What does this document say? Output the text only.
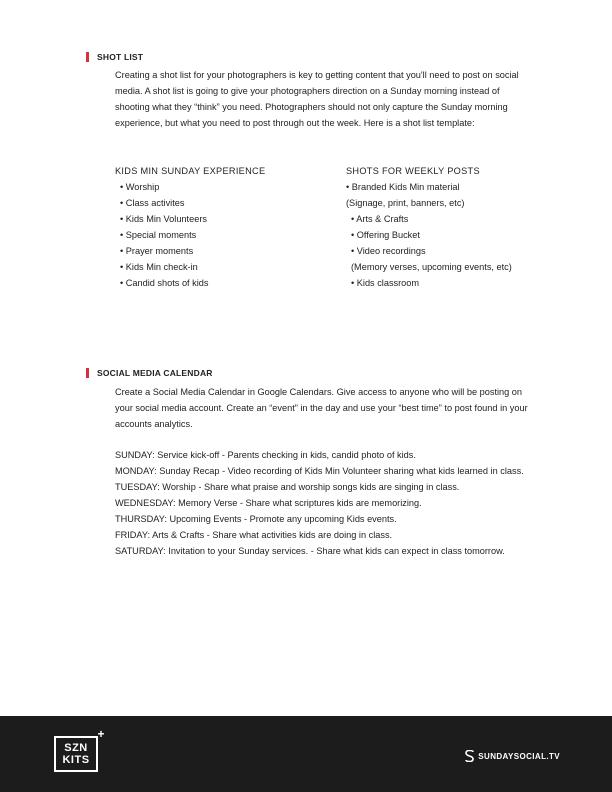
SHOT LIST

Creating a shot list for your photographers is key to getting content that you'll need to post on social media. A shot list is going to give your photographers direction on a Sunday morning instead of shooting what they “think” you need. Photographers should not only capture the Sunday morning experience, but what you need to post through out the week. Here is a shot list template:

KIDS MIN SUNDAY EXPERIENCE
• Worship
• Class activites
• Kids Min Volunteers
• Special moments
• Prayer moments
• Kids Min check-in
• Candid shots of kids
SHOTS FOR WEEKLY POSTS
• Branded Kids Min material
(Signage, print, banners, etc)
• Arts & Crafts
• Offering Bucket
• Video recordings
(Memory verses, upcoming events, etc)
• Kids classroom
SOCIAL MEDIA CALENDAR

Create a Social Media Calendar in Google Calendars. Give access to anyone who will be posting on your social media account. Create an “event” in the day and use your “best time” to post found in your accounts analytics.

SUNDAY: Service kick-off - Parents checking in kids, candid photo of kids.

MONDAY: Sunday Recap - Video recording of Kids Min Volunteer sharing what kids learned in class.

TUESDAY: Worship - Share what praise and worship songs kids are singing in class.

WEDNESDAY: Memory Verse - Share what scriptures kids are memorizing.

THURSDAY: Upcoming Events - Promote any upcoming Kids events.

FRIDAY: Arts & Crafts - Share what activities kids are doing in class.

SATURDAY: Invitation to your Sunday services. - Share what kids can expect in class tomorrow.

+
SZN
KITS	SUNDAYSOCIAL.TV
